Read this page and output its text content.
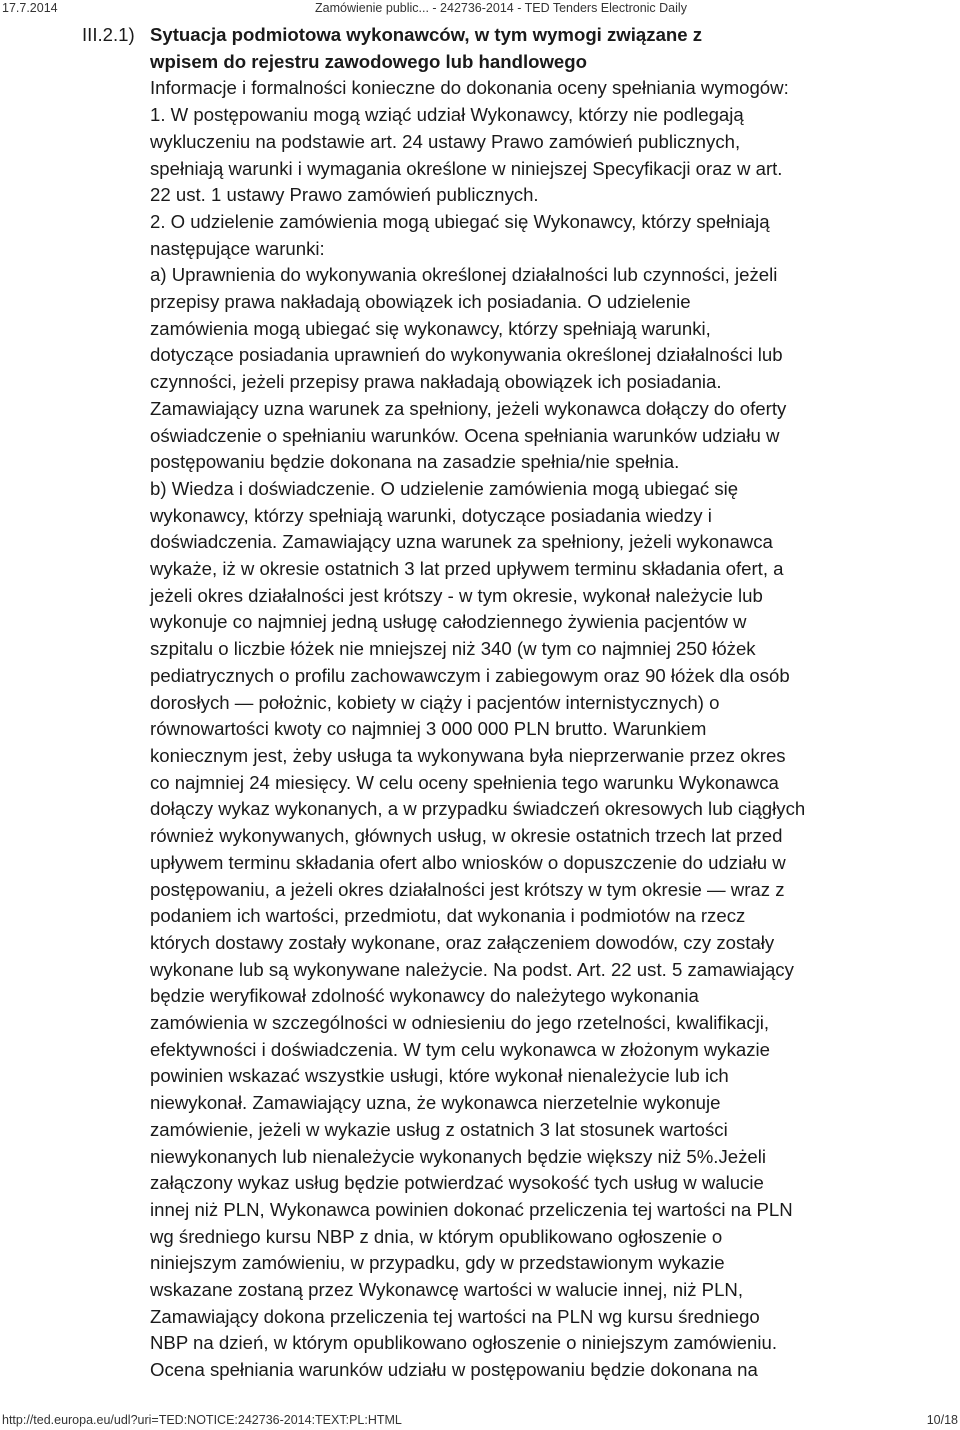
17.7.2014	Zamówienie public... - 242736-2014 - TED Tenders Electronic Daily
III.2.1) Sytuacja podmiotowa wykonawców, w tym wymogi związane z
wpisem do rejestru zawodowego lub handlowego
Informacje i formalności konieczne do dokonania oceny spełniania wymogów:
1. W postępowaniu mogą wziąć udział Wykonawcy, którzy nie podlegają
wykluczeniu na podstawie art. 24 ustawy Prawo zamówień publicznych,
spełniają warunki i wymagania określone w niniejszej Specyfikacji oraz w art.
22 ust. 1 ustawy Prawo zamówień publicznych.
2. O udzielenie zamówienia mogą ubiegać się Wykonawcy, którzy spełniają
następujące warunki:
a) Uprawnienia do wykonywania określonej działalności lub czynności, jeżeli
przepisy prawa nakładają obowiązek ich posiadania. O udzielenie
zamówienia mogą ubiegać się wykonawcy, którzy spełniają warunki,
dotyczące posiadania uprawnień do wykonywania określonej działalności lub
czynności, jeżeli przepisy prawa nakładają obowiązek ich posiadania.
Zamawiający uzna warunek za spełniony, jeżeli wykonawca dołączy do oferty
oświadczenie o spełnianiu warunków. Ocena spełniania warunków udziału w
postępowaniu będzie dokonana na zasadzie spełnia/nie spełnia.
b) Wiedza i doświadczenie. O udzielenie zamówienia mogą ubiegać się
wykonawcy, którzy spełniają warunki, dotyczące posiadania wiedzy i
doświadczenia. Zamawiający uzna warunek za spełniony, jeżeli wykonawca
wykaże, iż w okresie ostatnich 3 lat przed upływem terminu składania ofert, a
jeżeli okres działalności jest krótszy - w tym okresie, wykonał należycie lub
wykonuje co najmniej jedną usługę całodziennego żywienia pacjentów w
szpitalu o liczbie łóżek nie mniejszej niż 340 (w tym co najmniej 250 łóżek
pediatrycznych o profilu zachowawczym i zabiegowym oraz 90 łóżek dla osób
dorosłych — położnic, kobiety w ciąży i pacjentów internistycznych) o
równowartości kwoty co najmniej 3 000 000 PLN brutto. Warunkiem
koniecznym jest, żeby usługa ta wykonywana była nieprzerwanie przez okres
co najmniej 24 miesięcy. W celu oceny spełnienia tego warunku Wykonawca
dołączy wykaz wykonanych, a w przypadku świadczeń okresowych lub ciągłych
również wykonywanych, głównych usług, w okresie ostatnich trzech lat przed
upływem terminu składania ofert albo wniosków o dopuszczenie do udziału w
postępowaniu, a jeżeli okres działalności jest krótszy w tym okresie — wraz z
podaniem ich wartości, przedmiotu, dat wykonania i podmiotów na rzecz
których dostawy zostały wykonane, oraz załączeniem dowodów, czy zostały
wykonane lub są wykonywane należycie. Na podst. Art. 22 ust. 5 zamawiający
będzie weryfikował zdolność wykonawcy do należytego wykonania
zamówienia w szczególności w odniesieniu do jego rzetelności, kwalifikacji,
efektywności i doświadczenia. W tym celu wykonawca w złożonym wykazie
powinien wskazać wszystkie usługi, które wykonał nienależycie lub ich
niewykonał. Zamawiający uzna, że wykonawca nierzetelnie wykonuje
zamówienie, jeżeli w wykazie usług z ostatnich 3 lat stosunek wartości
niewykonanych lub nienależycie wykonanych będzie większy niż 5%.Jeżeli
załączony wykaz usług będzie potwierdzać wysokość tych usług w walucie
innej niż PLN, Wykonawca powinien dokonać przeliczenia tej wartości na PLN
wg średniego kursu NBP z dnia, w którym opublikowano ogłoszenie o
niniejszym zamówieniu, w przypadku, gdy w przedstawionym wykazie
wskazane zostaną przez Wykonawcę wartości w walucie innej, niż PLN,
Zamawiający dokona przeliczenia tej wartości na PLN wg kursu średniego
NBP na dzień, w którym opublikowano ogłoszenie o niniejszym zamówieniu.
Ocena spełniania warunków udziału w postępowaniu będzie dokonana na
http://ted.europa.eu/udl?uri=TED:NOTICE:242736-2014:TEXT:PL:HTML	10/18
